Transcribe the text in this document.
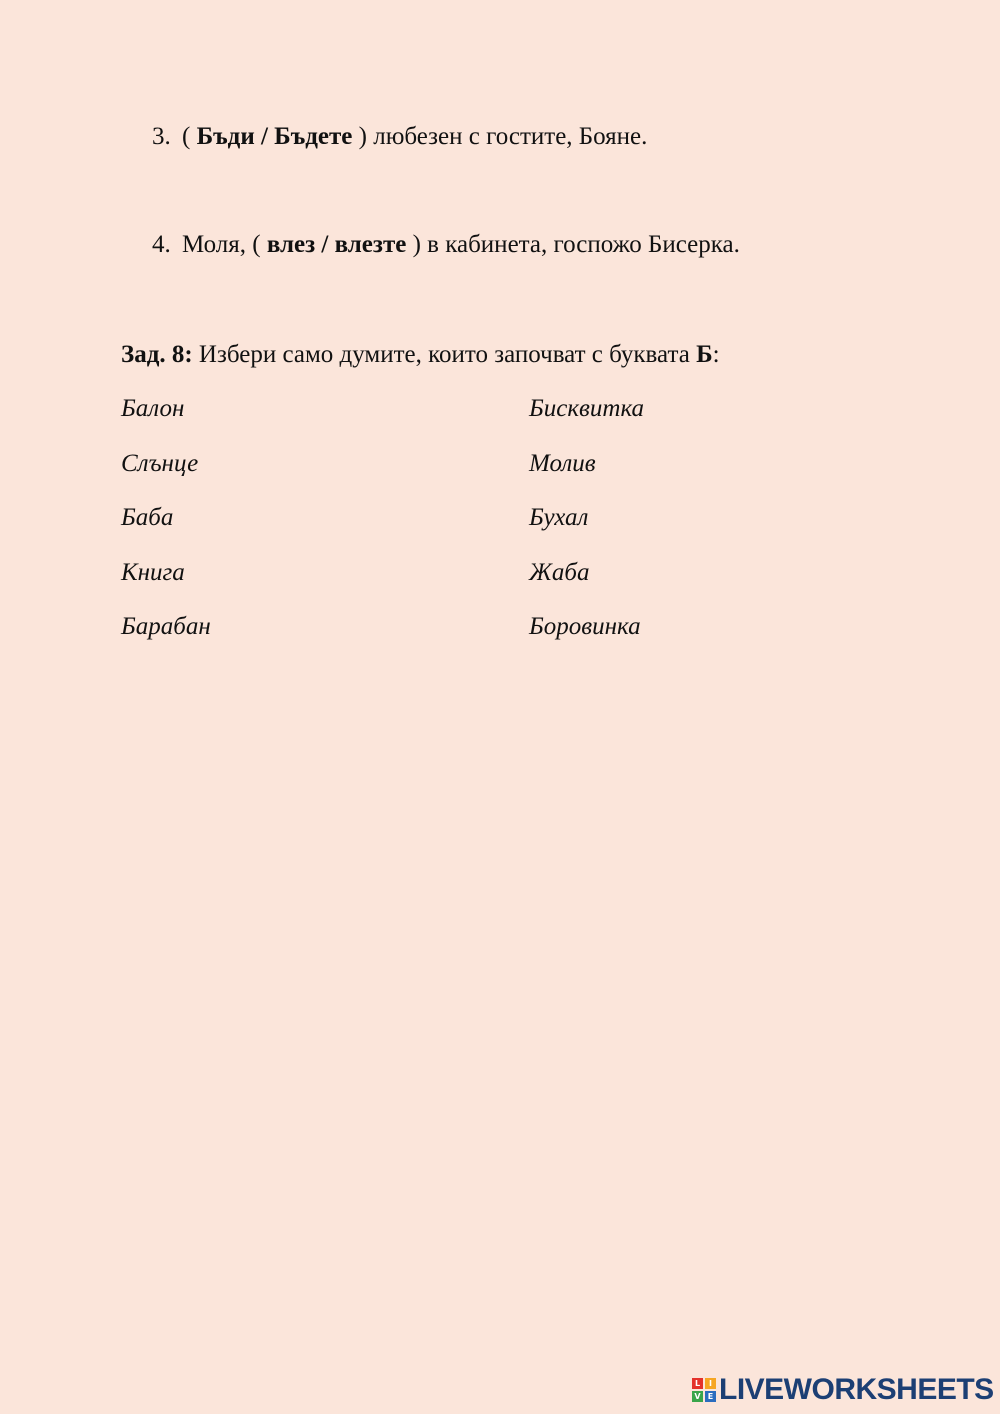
3. ( Бъди / Бъдете ) любезен с гостите, Бояне.
4. Моля, ( влез / влезте ) в кабинета, госпожо Бисерка.
Зад. 8: Избери само думите, които започват с буквата Б:
Балон
Слънце
Баба
Книга
Барабан
Бисквитка
Молив
Бухал
Жаба
Боровинка
L	I
V E LIVEWORKSHEETS
